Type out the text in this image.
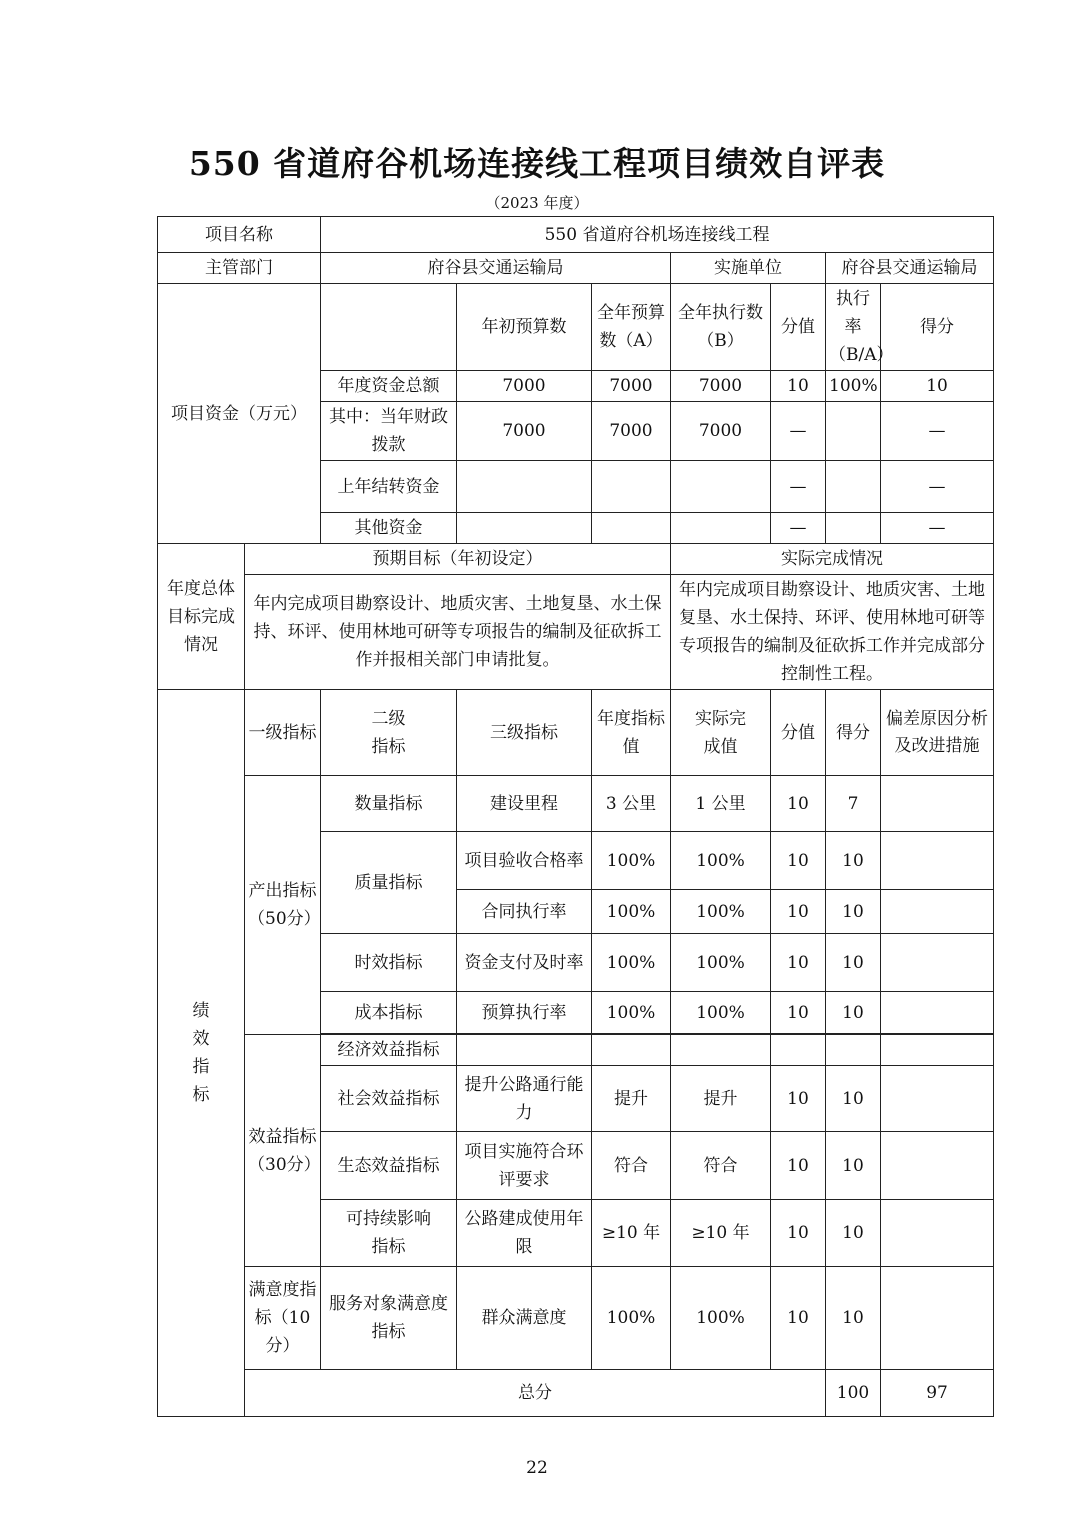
550 省道府谷机场连接线工程项目绩效自评表
（2023 年度）
项目名称		550 省道府谷机场连接线工程							
主管部门		府谷县交通运输局			实施单位		府谷县交通运输局		
项目资金（万元）			年初预算数	全年预算数（A）	全年执行数（B）	分值	执行率（B/A）	得分	
		年度资金总额	7000	7000	7000	10	100%	10	
		其中：当年财政拨款	7000	7000	7000	—		—	
		上年结转资金				—		—	
		其他资金				—		—	
年度总体目标完成情况	预期目标（年初设定）				实际完成情况				
	年内完成项目勘察设计、地质灾害、土地复垦、水土保持、环评、使用林地可研等专项报告的编制及征砍拆工作并报相关部门申请批复。				年内完成项目勘察设计、地质灾害、土地复垦、水土保持、环评、使用林地可研等专项报告的编制及征砍拆工作并完成部分控制性工程。				
绩效指标	一级指标	二级指标	三级指标	年度指标值	实际完成值	分值	得分	偏差原因分析及改进措施	
	产出指标（50分）	数量指标	建设里程	3 公里	1 公里	10	7		
		质量指标	项目验收合格率	100%	100%	10	10		
			合同执行率	100%	100%	10	10		
		时效指标	资金支付及时率	100%	100%	10	10		
		成本指标	预算执行率	100%	100%	10	10		

	效益指标（30分）	经济效益指标							
		社会效益指标	提升公路通行能力	提升	提升	10	10		
		生态效益指标	项目实施符合环评要求	符合	符合	10	10		
		可持续影响指标	公路建成使用年限	≥10 年	≥10 年	10	10		
	满意度指标（10分）	服务对象满意度指标	群众满意度	100%	100%	10	10		
	总分						100	97	
22
